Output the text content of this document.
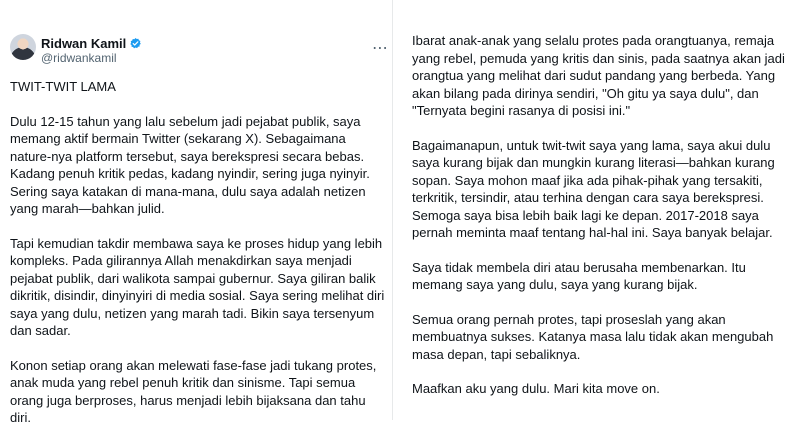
Ridwan Kamil
@ridwankamil

TWIT-TWIT LAMA

Dulu 12-15 tahun yang lalu sebelum jadi pejabat publik, saya memang aktif bermain Twitter (sekarang X). Sebagaimana nature-nya platform tersebut, saya berekspresi secara bebas. Kadang penuh kritik pedas, kadang nyindir, sering juga nyinyir. Sering saya katakan di mana-mana, dulu saya adalah netizen yang marah—bahkan julid.

Tapi kemudian takdir membawa saya ke proses hidup yang lebih kompleks. Pada gilirannya Allah menakdirkan saya menjadi pejabat publik, dari walikota sampai gubernur. Saya giliran balik dikritik, disindir, dinyinyiri di media sosial. Saya sering melihat diri saya yang dulu, netizen yang marah tadi. Bikin saya tersenyum dan sadar.

Konon setiap orang akan melewati fase-fase jadi tukang protes, anak muda yang rebel penuh kritik dan sinisme. Tapi semua orang juga berproses, harus menjadi lebih bijaksana dan tahu diri.

⋯ Ibarat anak-anak yang selalu protes pada orangtuanya, remaja yang rebel, pemuda yang kritis dan sinis, pada saatnya akan jadi orangtua yang melihat dari sudut pandang yang berbeda. Yang akan bilang pada dirinya sendiri, "Oh gitu ya saya dulu", dan "Ternyata begini rasanya di posisi ini."

Bagaimanapun, untuk twit-twit saya yang lama, saya akui dulu saya kurang bijak dan mungkin kurang literasi—bahkan kurang sopan. Saya mohon maaf jika ada pihak-pihak yang tersakiti, terkritik, tersindir, atau terhina dengan cara saya berekspresi. Semoga saya bisa lebih baik lagi ke depan. 2017-2018 saya pernah meminta maaf tentang hal-hal ini. Saya banyak belajar.

Saya tidak membela diri atau berusaha membenarkan. Itu memang saya yang dulu, saya yang kurang bijak.

Semua orang pernah protes, tapi proseslah yang akan membuatnya sukses. Katanya masa lalu tidak akan mengubah masa depan, tapi sebaliknya.

Maafkan aku yang dulu. Mari kita move on.
